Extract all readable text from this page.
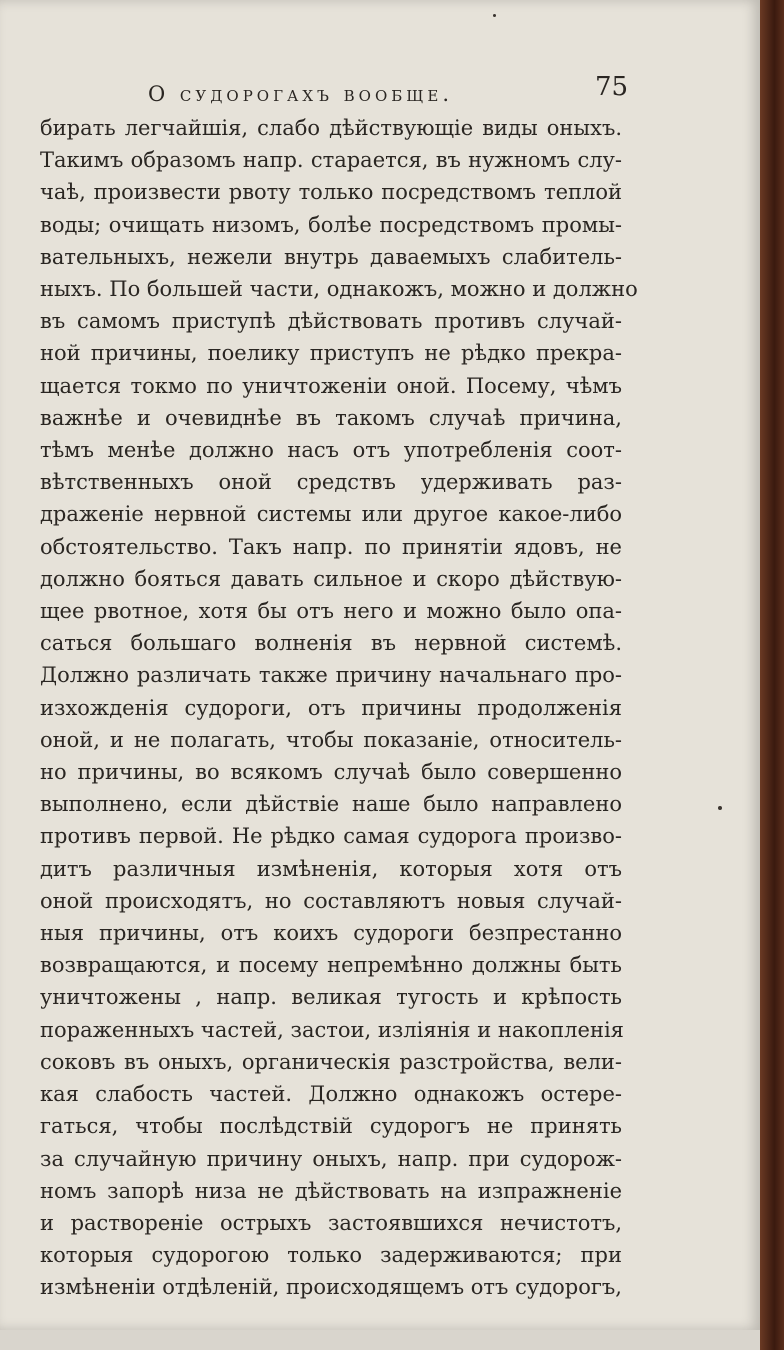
О судорогахъ вообще.	75
бирать легчайшія, слабо дѣйствующіе виды оныхъ.
Такимъ образомъ напр. старается, въ нужномъ слу-
чаѣ, произвести рвоту только посредствомъ теплой
воды; очищать низомъ, болѣе посредствомъ промы-
вательныхъ, нежели внутрь даваемыхъ слабитель-
ныхъ. По большей части, однакожъ, можно и должно
въ самомъ приступѣ дѣйствовать противъ случай-
ной причины, поелику приступъ не рѣдко прекра-
щается токмо по уничтоженіи оной. Посему, чѣмъ
важнѣе и очевиднѣе въ такомъ случаѣ причина,
тѣмъ менѣе должно насъ отъ употребленія соот-
вѣтственныхъ оной средствъ удерживать раз-
драженіе нервной системы или другое какое-либо
обстоятельство. Такъ напр. по принятіи ядовъ, не
должно бояться давать сильное и скоро дѣйствую-
щее рвотное, хотя бы отъ него и можно было опа-
саться большаго волненія въ нервной системѣ.
Должно различать также причину начальнаго про-
изхожденія судороги, отъ причины продолженія
оной, и не полагать, чтобы показаніе, относитель-
но причины, во всякомъ случаѣ было совершенно
выполнено, если дѣйствіе наше было направлено
противъ первой. Не рѣдко самая судорога произво-
дитъ различныя измѣненія, которыя хотя отъ
оной происходятъ, но составляютъ новыя случай-
ныя причины, отъ коихъ судороги безпрестанно
возвращаются, и посему непремѣнно должны быть
уничтожены , напр. великая тугость и крѣпость
пораженныхъ частей, застои, изліянія и накопленія
соковъ въ оныхъ, органическія разстройства, вели-
кая слабость частей. Должно однакожъ остере-
гаться, чтобы послѣдствій судорогъ не принять
за случайную причину оныхъ, напр. при судорож-
номъ запорѣ низа не дѣйствовать на изпражненіе
и раствореніе острыхъ застоявшихся нечистотъ,
которыя судорогою только задерживаются; при
измѣненіи отдѣленій, происходящемъ отъ судорогъ,
